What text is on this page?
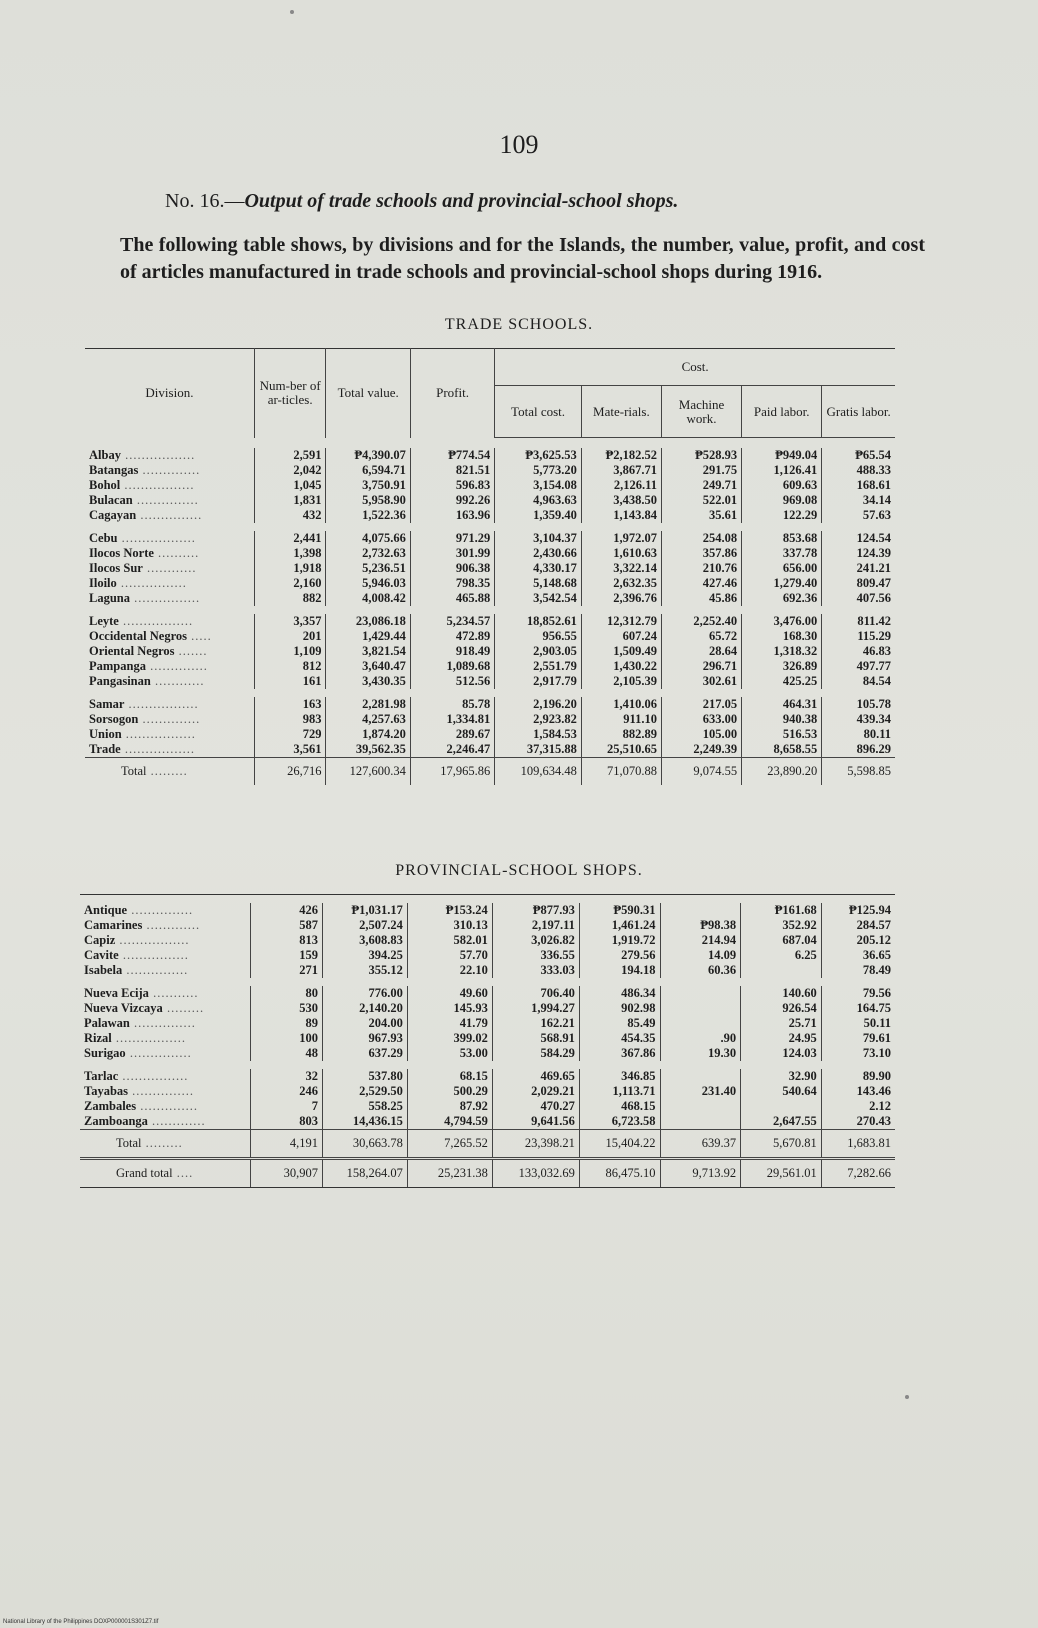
109
No. 16.—Output of trade schools and provincial-school shops.
The following table shows, by divisions and for the Islands, the number, value, profit, and cost of articles manufactured in trade schools and provincial-school shops during 1916.
TRADE SCHOOLS.
Division.	Num-ber of ar-ticles.	Total value.	Profit.	Cost.				
				Total cost.	Mate-rials.	Machine work.	Paid labor.	Gratis labor.

Albay .................	2,591	₱4,390.07	₱774.54	₱3,625.53	₱2,182.52	₱528.93	₱949.04	₱65.54
Batangas ..............	2,042	6,594.71	821.51	5,773.20	3,867.71	291.75	1,126.41	488.33
Bohol .................	1,045	3,750.91	596.83	3,154.08	2,126.11	249.71	609.63	168.61
Bulacan ...............	1,831	5,958.90	992.26	4,963.63	3,438.50	522.01	969.08	34.14
Cagayan ...............	432	1,522.36	163.96	1,359.40	1,143.84	35.61	122.29	57.63

Cebu ..................	2,441	4,075.66	971.29	3,104.37	1,972.07	254.08	853.68	124.54
Ilocos Norte ..........	1,398	2,732.63	301.99	2,430.66	1,610.63	357.86	337.78	124.39
Ilocos Sur ............	1,918	5,236.51	906.38	4,330.17	3,322.14	210.76	656.00	241.21
Iloilo ................	2,160	5,946.03	798.35	5,148.68	2,632.35	427.46	1,279.40	809.47
Laguna ................	882	4,008.42	465.88	3,542.54	2,396.76	45.86	692.36	407.56

Leyte .................	3,357	23,086.18	5,234.57	18,852.61	12,312.79	2,252.40	3,476.00	811.42
Occidental Negros .....	201	1,429.44	472.89	956.55	607.24	65.72	168.30	115.29
Oriental Negros .......	1,109	3,821.54	918.49	2,903.05	1,509.49	28.64	1,318.32	46.83
Pampanga ..............	812	3,640.47	1,089.68	2,551.79	1,430.22	296.71	326.89	497.77
Pangasinan ............	161	3,430.35	512.56	2,917.79	2,105.39	302.61	425.25	84.54

Samar .................	163	2,281.98	85.78	2,196.20	1,410.06	217.05	464.31	105.78
Sorsogon ..............	983	4,257.63	1,334.81	2,923.82	911.10	633.00	940.38	439.34
Union .................	729	1,874.20	289.67	1,584.53	882.89	105.00	516.53	80.11
Trade .................	3,561	39,562.35	2,246.47	37,315.88	25,510.65	2,249.39	8,658.55	896.29
Total .........	26,716	127,600.34	17,965.86	109,634.48	71,070.88	9,074.55	23,890.20	5,598.85
PROVINCIAL-SCHOOL SHOPS.

Antique ...............	426	₱1,031.17	₱153.24	₱877.93	₱590.31		₱161.68	₱125.94
Camarines .............	587	2,507.24	310.13	2,197.11	1,461.24	₱98.38	352.92	284.57
Capiz .................	813	3,608.83	582.01	3,026.82	1,919.72	214.94	687.04	205.12
Cavite ................	159	394.25	57.70	336.55	279.56	14.09	6.25	36.65
Isabela ...............	271	355.12	22.10	333.03	194.18	60.36		78.49

Nueva Ecija ...........	80	776.00	49.60	706.40	486.34		140.60	79.56
Nueva Vizcaya .........	530	2,140.20	145.93	1,994.27	902.98		926.54	164.75
Palawan ...............	89	204.00	41.79	162.21	85.49		25.71	50.11
Rizal .................	100	967.93	399.02	568.91	454.35	.90	24.95	79.61
Surigao ...............	48	637.29	53.00	584.29	367.86	19.30	124.03	73.10

Tarlac ................	32	537.80	68.15	469.65	346.85		32.90	89.90
Tayabas ...............	246	2,529.50	500.29	2,029.21	1,113.71	231.40	540.64	143.46
Zambales ..............	7	558.25	87.92	470.27	468.15			2.12
Zamboanga .............	803	14,436.15	4,794.59	9,641.56	6,723.58		2,647.55	270.43
Total .........	4,191	30,663.78	7,265.52	23,398.21	15,404.22	639.37	5,670.81	1,683.81
Grand total ....	30,907	158,264.07	25,231.38	133,032.69	86,475.10	9,713.92	29,561.01	7,282.66
National Library of the Philippines DOXP000001S301Z7.tif
